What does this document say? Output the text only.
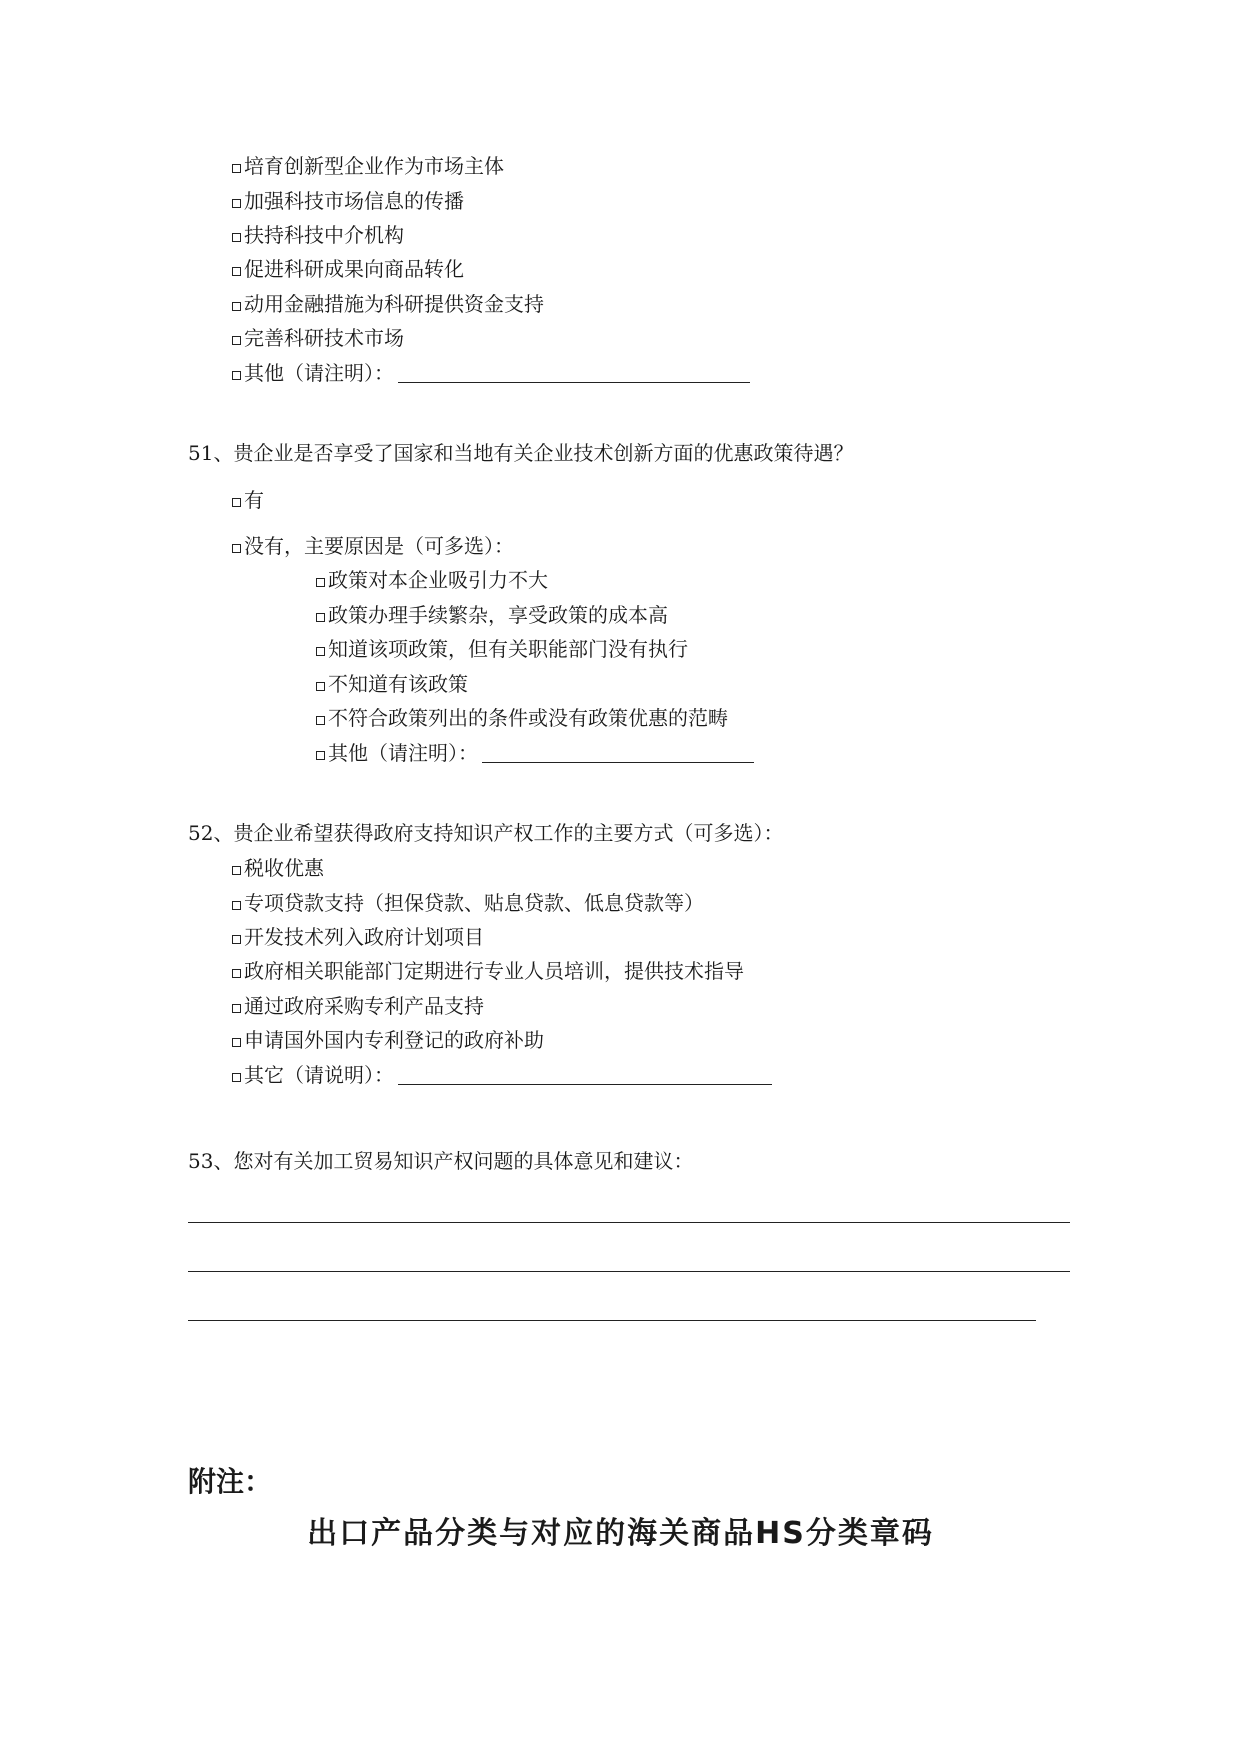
培育创新型企业作为市场主体
加强科技市场信息的传播
扶持科技中介机构
促进科研成果向商品转化
动用金融措施为科研提供资金支持
完善科研技术市场
其他（请注明）：
51、贵企业是否享受了国家和当地有关企业技术创新方面的优惠政策待遇？
有
没有，主要原因是（可多选）：
政策对本企业吸引力不大
政策办理手续繁杂，享受政策的成本高
知道该项政策，但有关职能部门没有执行
不知道有该政策
不符合政策列出的条件或没有政策优惠的范畴
其他（请注明）：
52、贵企业希望获得政府支持知识产权工作的主要方式（可多选）：
税收优惠
专项贷款支持（担保贷款、贴息贷款、低息贷款等）
开发技术列入政府计划项目
政府相关职能部门定期进行专业人员培训，提供技术指导
通过政府采购专利产品支持
申请国外国内专利登记的政府补助
其它（请说明）：
53、您对有关加工贸易知识产权问题的具体意见和建议：
附注：
出口产品分类与对应的海关商品HS分类章码
